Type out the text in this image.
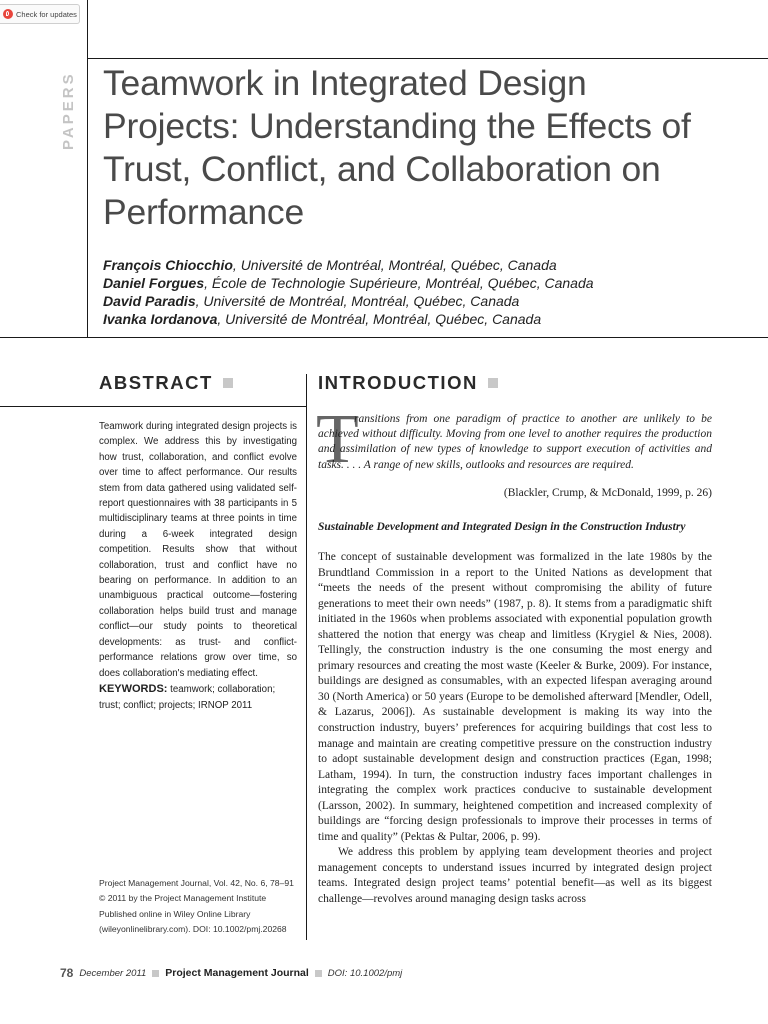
Check for updates
PAPERS Teamwork in Integrated Design Projects: Understanding the Effects of Trust, Conflict, and Collaboration on Performance
François Chiocchio, Université de Montréal, Montréal, Québec, Canada
Daniel Forgues, École de Technologie Supérieure, Montréal, Québec, Canada
David Paradis, Université de Montréal, Montréal, Québec, Canada
Ivanka Iordanova, Université de Montréal, Montréal, Québec, Canada
ABSTRACT
Teamwork during integrated design projects is complex. We address this by investigating how trust, collaboration, and conflict evolve over time to affect performance. Our results stem from data gathered using validated self-report questionnaires with 38 participants in 5 multidisciplinary teams at three points in time during a 6-week integrated design competition. Results show that without collaboration, trust and conflict have no bearing on performance. In addition to an unambiguous practical outcome—fostering collaboration helps build trust and manage conflict—our study points to theoretical developments: as trust- and conflict-performance relations grow over time, so does collaboration's mediating effect.
KEYWORDS: teamwork; collaboration; trust; conflict; projects; IRNOP 2011
Project Management Journal, Vol. 42, No. 6, 78–91
© 2011 by the Project Management Institute
Published online in Wiley Online Library
(wileyonlinelibrary.com). DOI: 10.1002/pmj.20268
INTRODUCTION
T
ransitions from one paradigm of practice to another are unlikely to be achieved without difficulty. Moving from one level to another requires the production and assimilation of new types of knowledge to support execution of activities and tasks. . . . A range of new skills, outlooks and resources are required.
(Blackler, Crump, & McDonald, 1999, p. 26)
Sustainable Development and Integrated Design in the Construction Industry

The concept of sustainable development was formalized in the late 1980s by the Brundtland Commission in a report to the United Nations as development that “meets the needs of the present without compromising the ability of future generations to meet their own needs” (1987, p. 8). It stems from a paradigmatic shift initiated in the 1960s when problems associated with exponential population growth shattered the notion that energy was cheap and limitless (Krygiel & Nies, 2008). Tellingly, the construction industry is the one consuming the most energy and primary resources and creating the most waste (Keeler & Burke, 2009). For instance, buildings are designed as consumables, with an expected lifespan averaging around 30 (North America) or 50 years (Europe to be demolished afterward [Mendler, Odell, & Lazarus, 2006]). As sustainable development is making its way into the construction industry, buyers’ preferences for acquiring buildings that cost less to manage and maintain are creating competitive pressure on the construction industry to adopt sustainable development design and construction practices (Egan, 1998; Latham, 1994). In turn, the construction industry faces important challenges in integrating the complex work practices conducive to sustainable development (Larsson, 2002). In summary, heightened competition and increased complexity of buildings are “forcing design professionals to improve their processes in terms of time and quality” (Pektas & Pultar, 2006, p. 99).

We address this problem by applying team development theories and project management concepts to understand issues incurred by integrated design project teams. Integrated design project teams’ potential benefit—as well as its biggest challenge—revolves around managing design tasks across

78 December 2011 Project Management Journal DOI: 10.1002/pmj
